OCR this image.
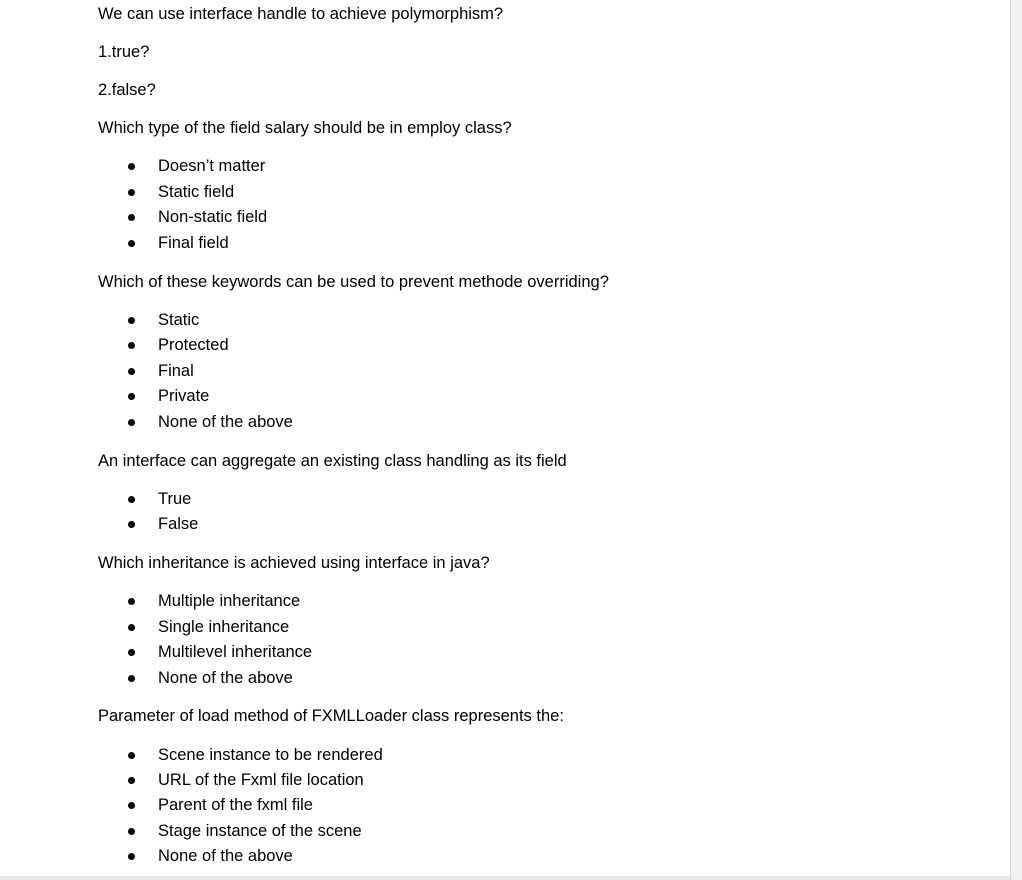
We can use interface handle to achieve polymorphism?
1.true?
2.false?
Which type of the field salary should be in employ class?
Doesn’t matter
Static field
Non-static field
Final field
Which of these keywords can be used to prevent methode overriding?
Static
Protected
Final
Private
None of the above
An interface can aggregate an existing class handling as its field
True
False
Which inheritance is achieved using interface in java?
Multiple inheritance
Single inheritance
Multilevel inheritance
None of the above
Parameter of load method of FXMLLoader class represents the:
Scene instance to be rendered
URL of the Fxml file location
Parent of the fxml file
Stage instance of the scene
None of the above
